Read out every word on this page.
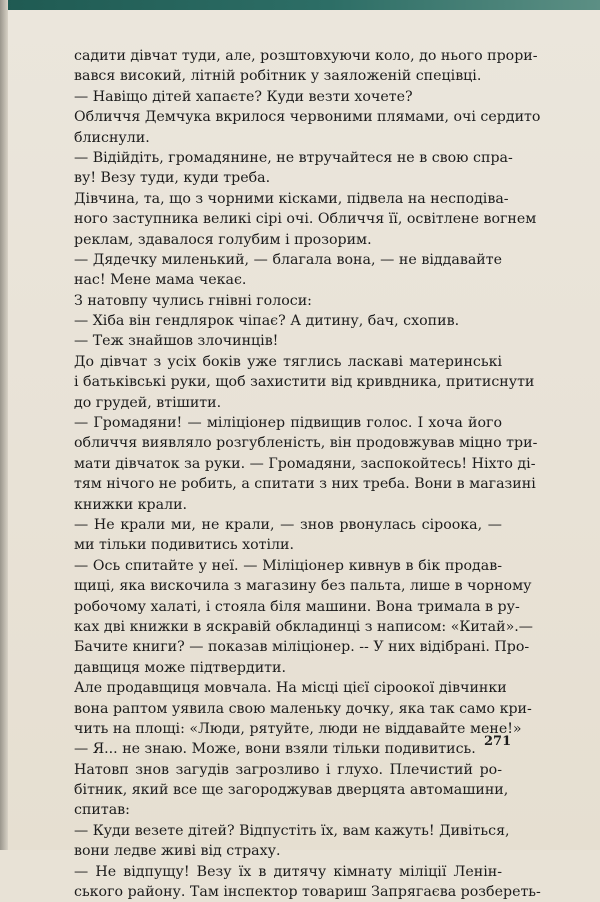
садити дівчат туди, але, розштовхуючи коло, до нього прори-
вався високий, літній робітник у заяложеній спецівці.
— Навіщо дітей хапаєте? Куди везти хочете?
Обличчя Демчука вкрилося червоними плямами, очі сердито
блиснули.
— Відійдіть, громадянине, не втручайтеся не в свою спра-
ву! Везу туди, куди треба.
Дівчина, та, що з чорними кісками, підвела на несподіва-
ного заступника великі сірі очі. Обличчя її, освітлене вогнем
реклам, здавалося голубим і прозорим.
— Дядечку миленький, — благала вона, — не віддавайте
нас! Мене мама чекає.
З натовпу чулись гнівні голоси:
— Хіба він гендлярок чіпає? А дитину, бач, схопив.
— Теж знайшов злочинців!
До дівчат з усіх боків уже тяглись ласкаві материнські
і батьківські руки, щоб захистити від кривдника, притиснути
до грудей, втішити.
— Громадяни! — міліціонер підвищив голос. І хоча його
обличчя виявляло розгубленість, він продовжував міцно три-
мати дівчаток за руки. — Громадяни, заспокойтесь! Ніхто ді-
тям нічого не робить, а спитати з них треба. Вони в магазині
книжки крали.
— Не крали ми, не крали, — знов рвонулась сіроока, —
ми тільки подивитись хотіли.
— Ось спитайте у неї. — Міліціонер кивнув в бік продав-
щиці, яка вискочила з магазину без пальта, лише в чорному
робочому халаті, і стояла біля машини. Вона тримала в ру-
ках дві книжки в яскравій обкладинці з написом: «Китай».—
Бачите книги? — показав міліціонер. -- У них відібрані. Про-
давщиця може підтвердити.
Але продавщиця мовчала. На місці цієї сіроокої дівчинки
вона раптом уявила свою маленьку дочку, яка так само кри-
чить на площі: «Люди, рятуйте, люди не віддавайте мене!»
— Я... не знаю. Може, вони взяли тільки подивитись.
Натовп знов загудів загрозливо і глухо. Плечистий ро-
бітник, який все ще загороджував дверцята автомашини,
спитав:
— Куди везете дітей? Відпустіть їх, вам кажуть! Дивіться,
вони ледве живі від страху.
— Не відпущу! Везу їх в дитячу кімнату міліції Ленін-
ського району. Там інспектор товариш Запрягаєва розбереть-
271
